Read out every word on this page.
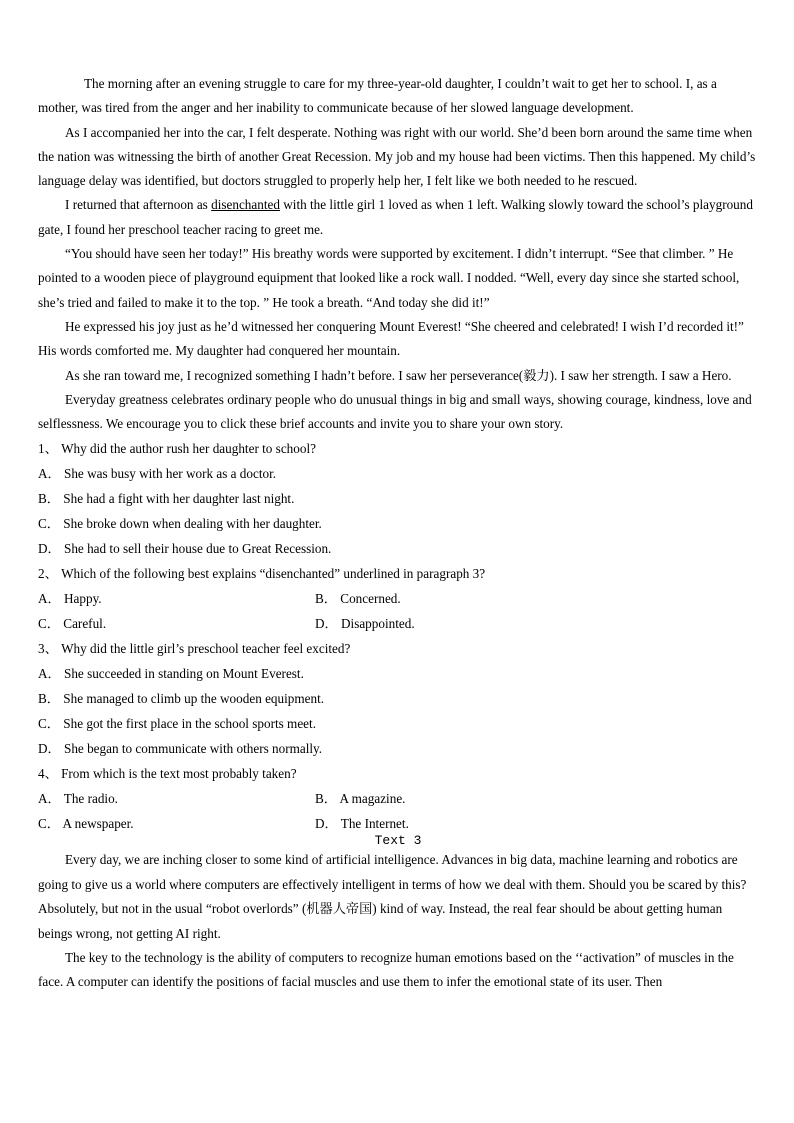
The morning after an evening struggle to care for my three-year-old daughter, I couldn’t wait to get her to school. I, as a mother, was tired from the anger and her inability to communicate because of her slowed language development.

As I accompanied her into the car, I felt desperate. Nothing was right with our world. She’d been born around the same time when the nation was witnessing the birth of another Great Recession. My job and my house had been victims. Then this happened. My child’s language delay was identified, but doctors struggled to properly help her, I felt like we both needed to he rescued.

I returned that afternoon as disenchanted with the little girl 1 loved as when 1 left. Walking slowly toward the school’s playground gate, I found her preschool teacher racing to greet me.

“You should have seen her today!” His breathy words were supported by excitement. I didn’t interrupt. “See that climber. ” He pointed to a wooden piece of playground equipment that looked like a rock wall. I nodded. “Well, every day since she started school, she’s tried and failed to make it to the top. ” He took a breath. “And today she did it!”

He expressed his joy just as he’d witnessed her conquering Mount Everest! “She cheered and celebrated! I wish I’d recorded it!” His words comforted me. My daughter had conquered her mountain.

As she ran toward me, I recognized something I hadn’t before. I saw her perseverance(毅力). I saw her strength. I saw a Hero.

Everyday greatness celebrates ordinary people who do unusual things in big and small ways, showing courage, kindness, love and selflessness. We encourage you to click these brief accounts and invite you to share your own story.

1、 Why did the author rush her daughter to school?

A． She was busy with her work as a doctor.

B． She had a fight with her daughter last night.

C． She broke down when dealing with her daughter.

D． She had to sell their house due to Great Recession.

2、 Which of the following best explains “disenchanted” underlined in paragraph 3?

A． Happy.	B． Concerned.
C． Careful.	D． Disappointed.

3、 Why did the little girl’s preschool teacher feel excited?

A． She succeeded in standing on Mount Everest.

B． She managed to climb up the wooden equipment.

C． She got the first place in the school sports meet.

D． She began to communicate with others normally.

4、 From which is the text most probably taken?

A． The radio.	B． A magazine.
C． A newspaper.	D． The Internet.

Text 3

Every day, we are inching closer to some kind of artificial intelligence. Advances in big data, machine learning and robotics are going to give us a world where computers are effectively intelligent in terms of how we deal with them. Should you be scared by this? Absolutely, but not in the usual “robot overlords” (机器人帝国) kind of way. Instead, the real fear should be about getting human beings wrong, not getting AI right.

The key to the technology is the ability of computers to recognize human emotions based on the ‘‘activation” of muscles in the face. A computer can identify the positions of facial muscles and use them to infer the emotional state of its user. Then
